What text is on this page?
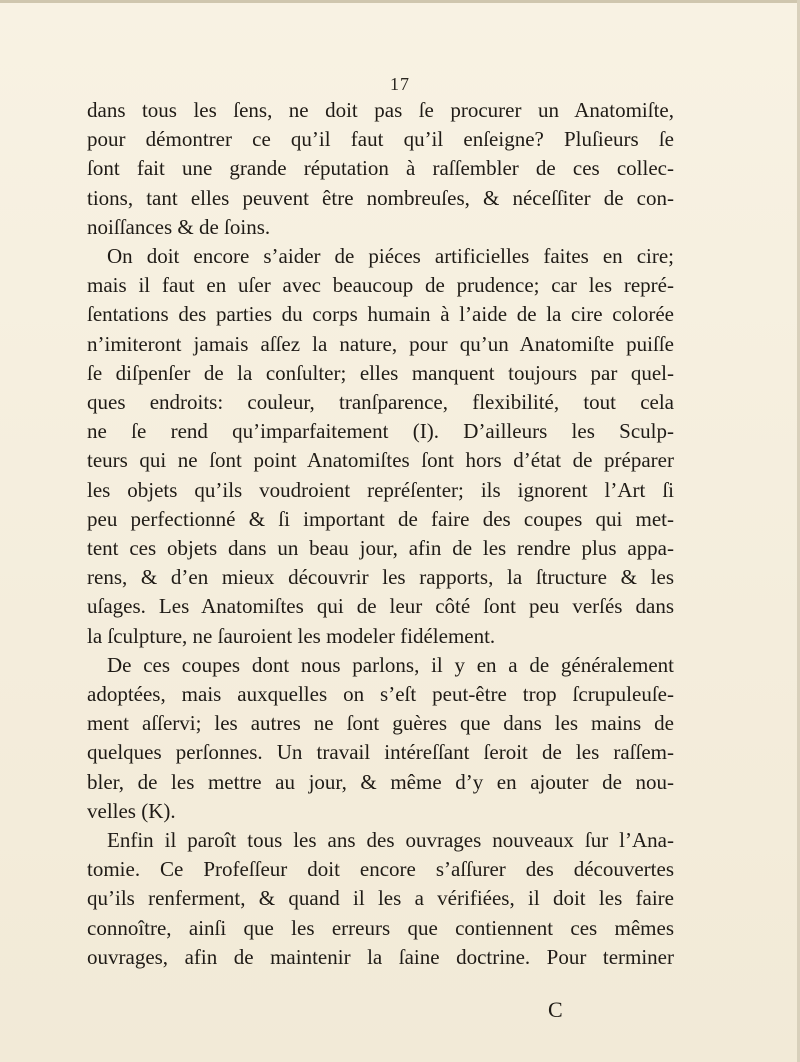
17
dans tous les ſens, ne doit pas ſe procurer un Anatomiſte,
pour démontrer ce qu’il faut qu’il enſeigne? Pluſieurs ſe
ſont fait une grande réputation à raſſembler de ces collec-
tions, tant elles peuvent être nombreuſes, & néceſſiter de con-
noiſſances & de ſoins.
On doit encore s’aider de piéces artificielles faites en cire;
mais il faut en uſer avec beaucoup de prudence; car les repré-
ſentations des parties du corps humain à l’aide de la cire colorée
n’imiteront jamais aſſez la nature, pour qu’un Anatomiſte puiſſe
ſe diſpenſer de la conſulter; elles manquent toujours par quel-
ques endroits: couleur, tranſparence, flexibilité, tout cela
ne ſe rend qu’imparfaitement (I). D’ailleurs les Sculp-
teurs qui ne ſont point Anatomiſtes ſont hors d’état de préparer
les objets qu’ils voudroient repréſenter; ils ignorent l’Art ſi
peu perfectionné & ſi important de faire des coupes qui met-
tent ces objets dans un beau jour, afin de les rendre plus appa-
rens, & d’en mieux découvrir les rapports, la ſtructure & les
uſages. Les Anatomiſtes qui de leur côté ſont peu verſés dans
la ſculpture, ne ſauroient les modeler fidélement.
De ces coupes dont nous parlons, il y en a de généralement
adoptées, mais auxquelles on s’eſt peut-être trop ſcrupuleuſe-
ment aſſervi; les autres ne ſont guères que dans les mains de
quelques perſonnes. Un travail intéreſſant ſeroit de les raſſem-
bler, de les mettre au jour, & même d’y en ajouter de nou-
velles (K).
Enfin il paroît tous les ans des ouvrages nouveaux ſur l’Ana-
tomie. Ce Profeſſeur doit encore s’aſſurer des découvertes
qu’ils renferment, & quand il les a vérifiées, il doit les faire
connoître, ainſi que les erreurs que contiennent ces mêmes
ouvrages, afin de maintenir la ſaine doctrine. Pour terminer
C
